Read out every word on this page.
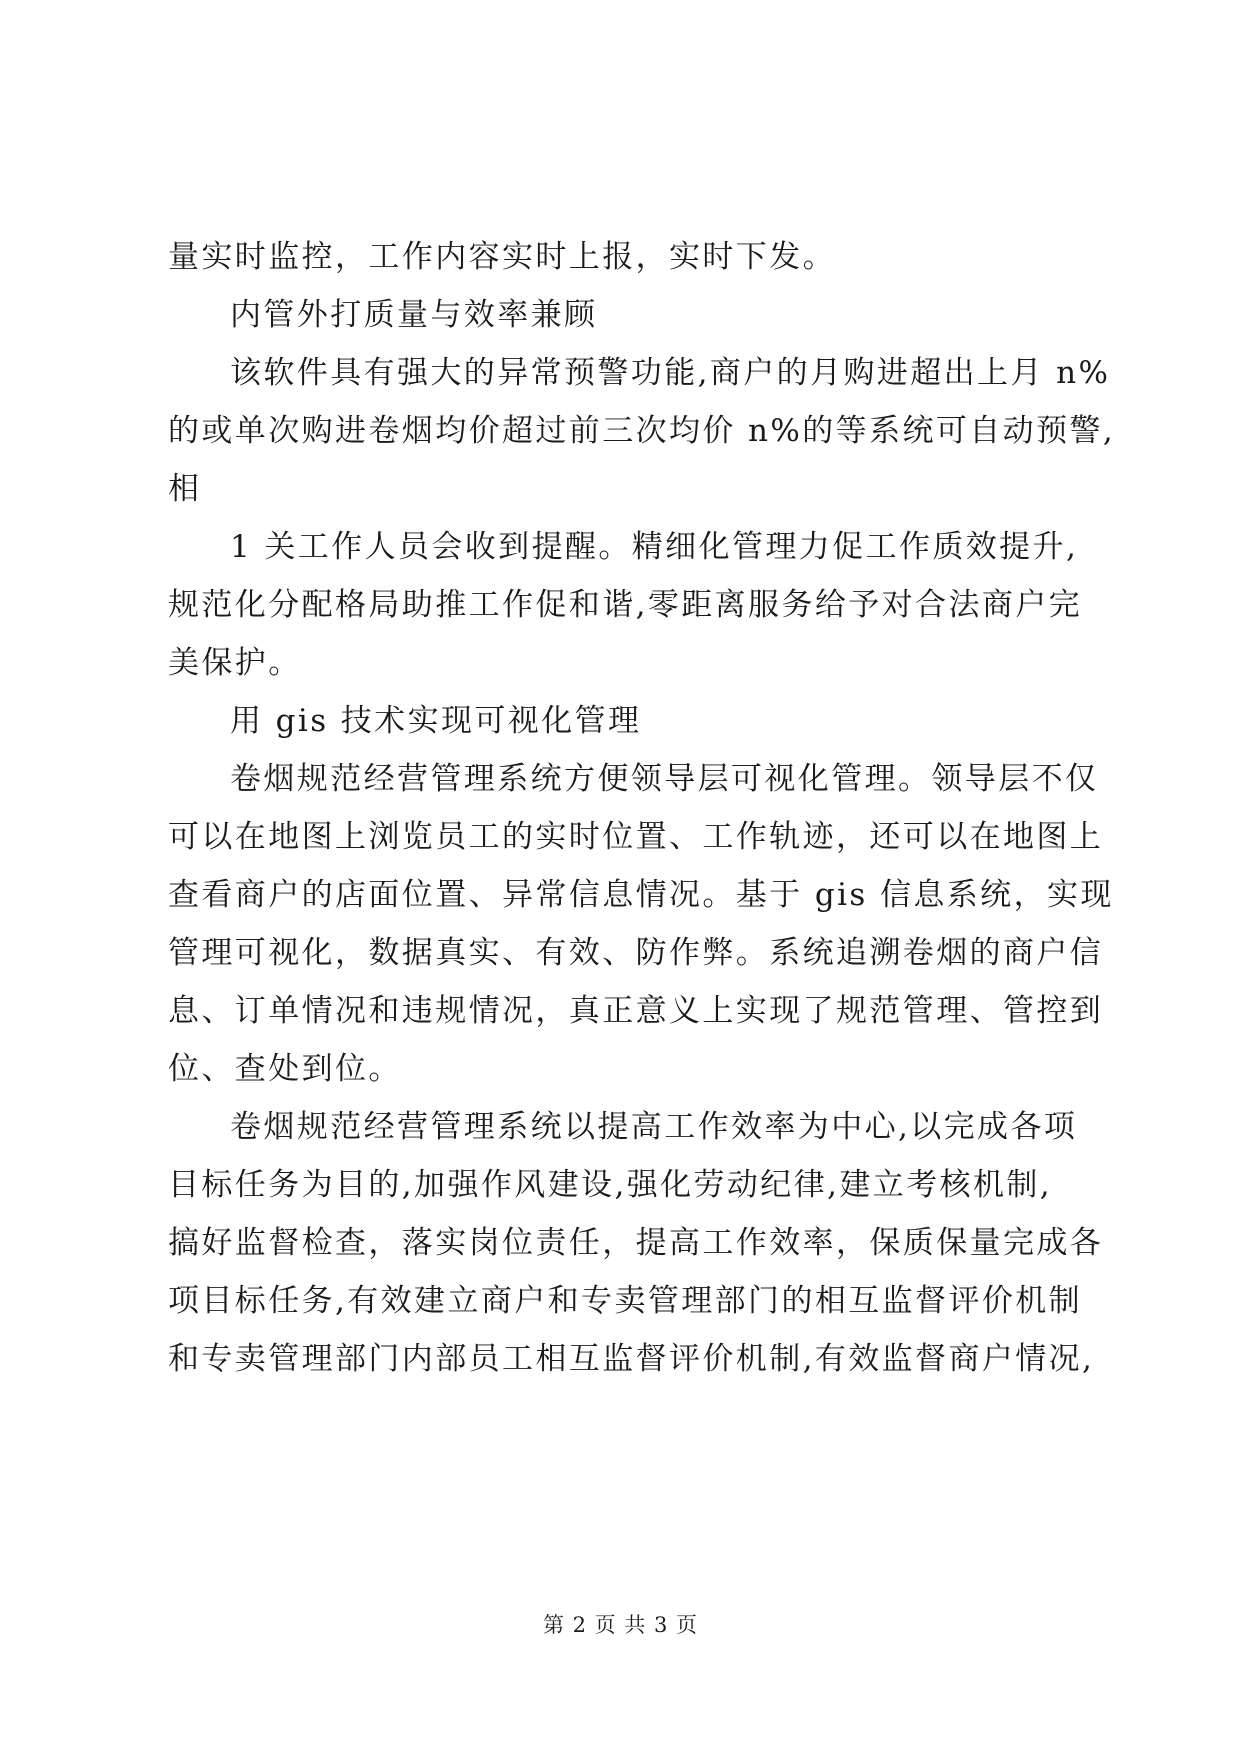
量实时监控，工作内容实时上报，实时下发。
内管外打质量与效率兼顾
该软件具有强大的异常预警功能,商户的月购进超出上月 n%
的或单次购进卷烟均价超过前三次均价 n%的等系统可自动预警,
相
1 关工作人员会收到提醒。精细化管理力促工作质效提升,
规范化分配格局助推工作促和谐,零距离服务给予对合法商户完
美保护。
用 gis 技术实现可视化管理
卷烟规范经营管理系统方便领导层可视化管理。领导层不仅
可以在地图上浏览员工的实时位置、工作轨迹，还可以在地图上
查看商户的店面位置、异常信息情况。基于 gis 信息系统，实现
管理可视化，数据真实、有效、防作弊。系统追溯卷烟的商户信
息、订单情况和违规情况，真正意义上实现了规范管理、管控到
位、查处到位。
卷烟规范经营管理系统以提高工作效率为中心,以完成各项
目标任务为目的,加强作风建设,强化劳动纪律,建立考核机制,
搞好监督检查，落实岗位责任，提高工作效率，保质保量完成各
项目标任务,有效建立商户和专卖管理部门的相互监督评价机制
和专卖管理部门内部员工相互监督评价机制,有效监督商户情况,
第 2 页 共 3 页
